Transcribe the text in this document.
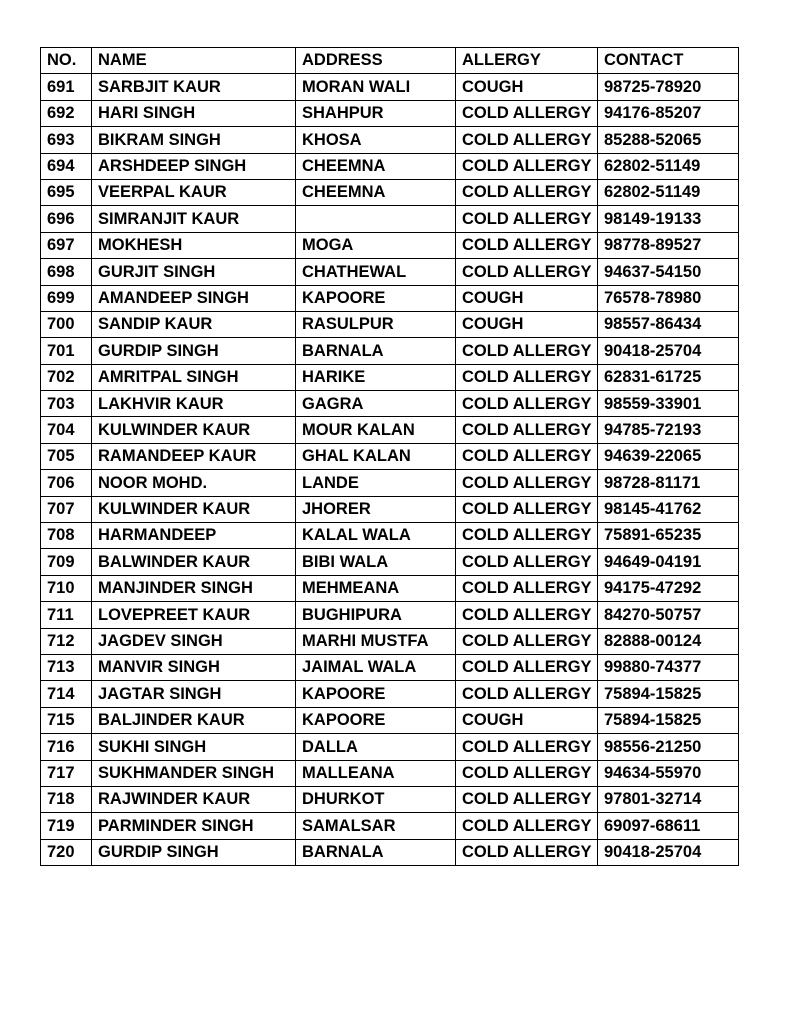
NO.	NAME	ADDRESS	ALLERGY	CONTACT
691	SARBJIT KAUR	MORAN WALI	COUGH	98725-78920
692	HARI SINGH	SHAHPUR	COLD ALLERGY	94176-85207
693	BIKRAM SINGH	KHOSA	COLD ALLERGY	85288-52065
694	ARSHDEEP SINGH	CHEEMNA	COLD ALLERGY	62802-51149
695	VEERPAL KAUR	CHEEMNA	COLD ALLERGY	62802-51149
696	SIMRANJIT KAUR		COLD ALLERGY	98149-19133
697	MOKHESH	MOGA	COLD ALLERGY	98778-89527
698	GURJIT SINGH	CHATHEWAL	COLD ALLERGY	94637-54150
699	AMANDEEP SINGH	KAPOORE	COUGH	76578-78980
700	SANDIP KAUR	RASULPUR	COUGH	98557-86434
701	GURDIP SINGH	BARNALA	COLD ALLERGY	90418-25704
702	AMRITPAL SINGH	HARIKE	COLD ALLERGY	62831-61725
703	LAKHVIR KAUR	GAGRA	COLD ALLERGY	98559-33901
704	KULWINDER KAUR	MOUR KALAN	COLD ALLERGY	94785-72193
705	RAMANDEEP KAUR	GHAL KALAN	COLD ALLERGY	94639-22065
706	NOOR MOHD.	LANDE	COLD ALLERGY	98728-81171
707	KULWINDER KAUR	JHORER	COLD ALLERGY	98145-41762
708	HARMANDEEP	KALAL WALA	COLD ALLERGY	75891-65235
709	BALWINDER KAUR	BIBI WALA	COLD ALLERGY	94649-04191
710	MANJINDER SINGH	MEHMEANA	COLD ALLERGY	94175-47292
711	LOVEPREET KAUR	BUGHIPURA	COLD ALLERGY	84270-50757
712	JAGDEV SINGH	MARHI MUSTFA	COLD ALLERGY	82888-00124
713	MANVIR SINGH	JAIMAL WALA	COLD ALLERGY	99880-74377
714	JAGTAR SINGH	KAPOORE	COLD ALLERGY	75894-15825
715	BALJINDER KAUR	KAPOORE	COUGH	75894-15825
716	SUKHI SINGH	DALLA	COLD ALLERGY	98556-21250
717	SUKHMANDER SINGH	MALLEANA	COLD ALLERGY	94634-55970
718	RAJWINDER KAUR	DHURKOT	COLD ALLERGY	97801-32714
719	PARMINDER SINGH	SAMALSAR	COLD ALLERGY	69097-68611
720	GURDIP SINGH	BARNALA	COLD ALLERGY	90418-25704
